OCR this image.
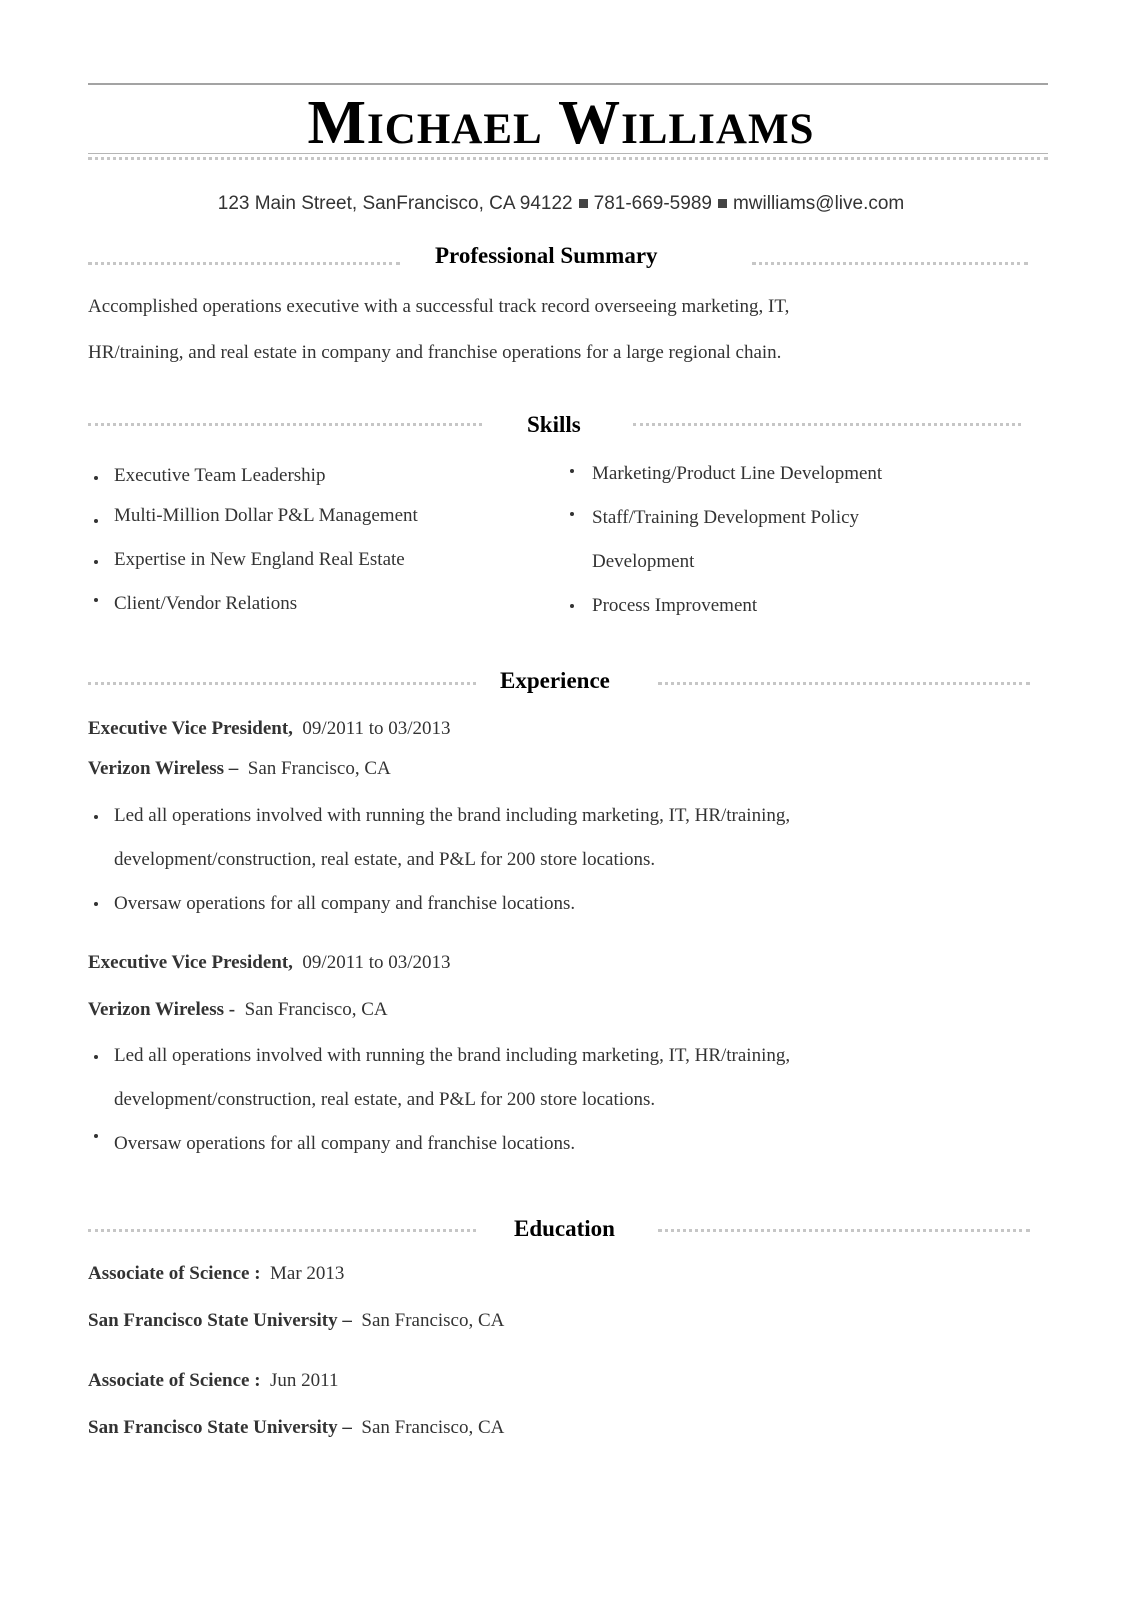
Michael Williams
123 Main Street, SanFrancisco, CA 94122 781-669-5989 mwilliams@live.com
Professional Summary
Accomplished operations executive with a successful track record overseeing marketing, IT,
HR/training, and real estate in company and franchise operations for a large regional chain.
Skills
Executive Team Leadership
Multi-Million Dollar P&L Management
Expertise in New England Real Estate
Client/Vendor Relations
Marketing/Product Line Development
Staff/Training Development Policy
Development
Process Improvement
Experience
Executive Vice President, 09/2011 to 03/2013
Verizon Wireless – San Francisco, CA
Led all operations involved with running the brand including marketing, IT, HR/training,
development/construction, real estate, and P&L for 200 store locations.
Oversaw operations for all company and franchise locations.
Executive Vice President, 09/2011 to 03/2013
Verizon Wireless - San Francisco, CA
Led all operations involved with running the brand including marketing, IT, HR/training,
development/construction, real estate, and P&L for 200 store locations.
Oversaw operations for all company and franchise locations.
Education
Associate of Science : Mar 2013
San Francisco State University – San Francisco, CA
Associate of Science : Jun 2011
San Francisco State University – San Francisco, CA
